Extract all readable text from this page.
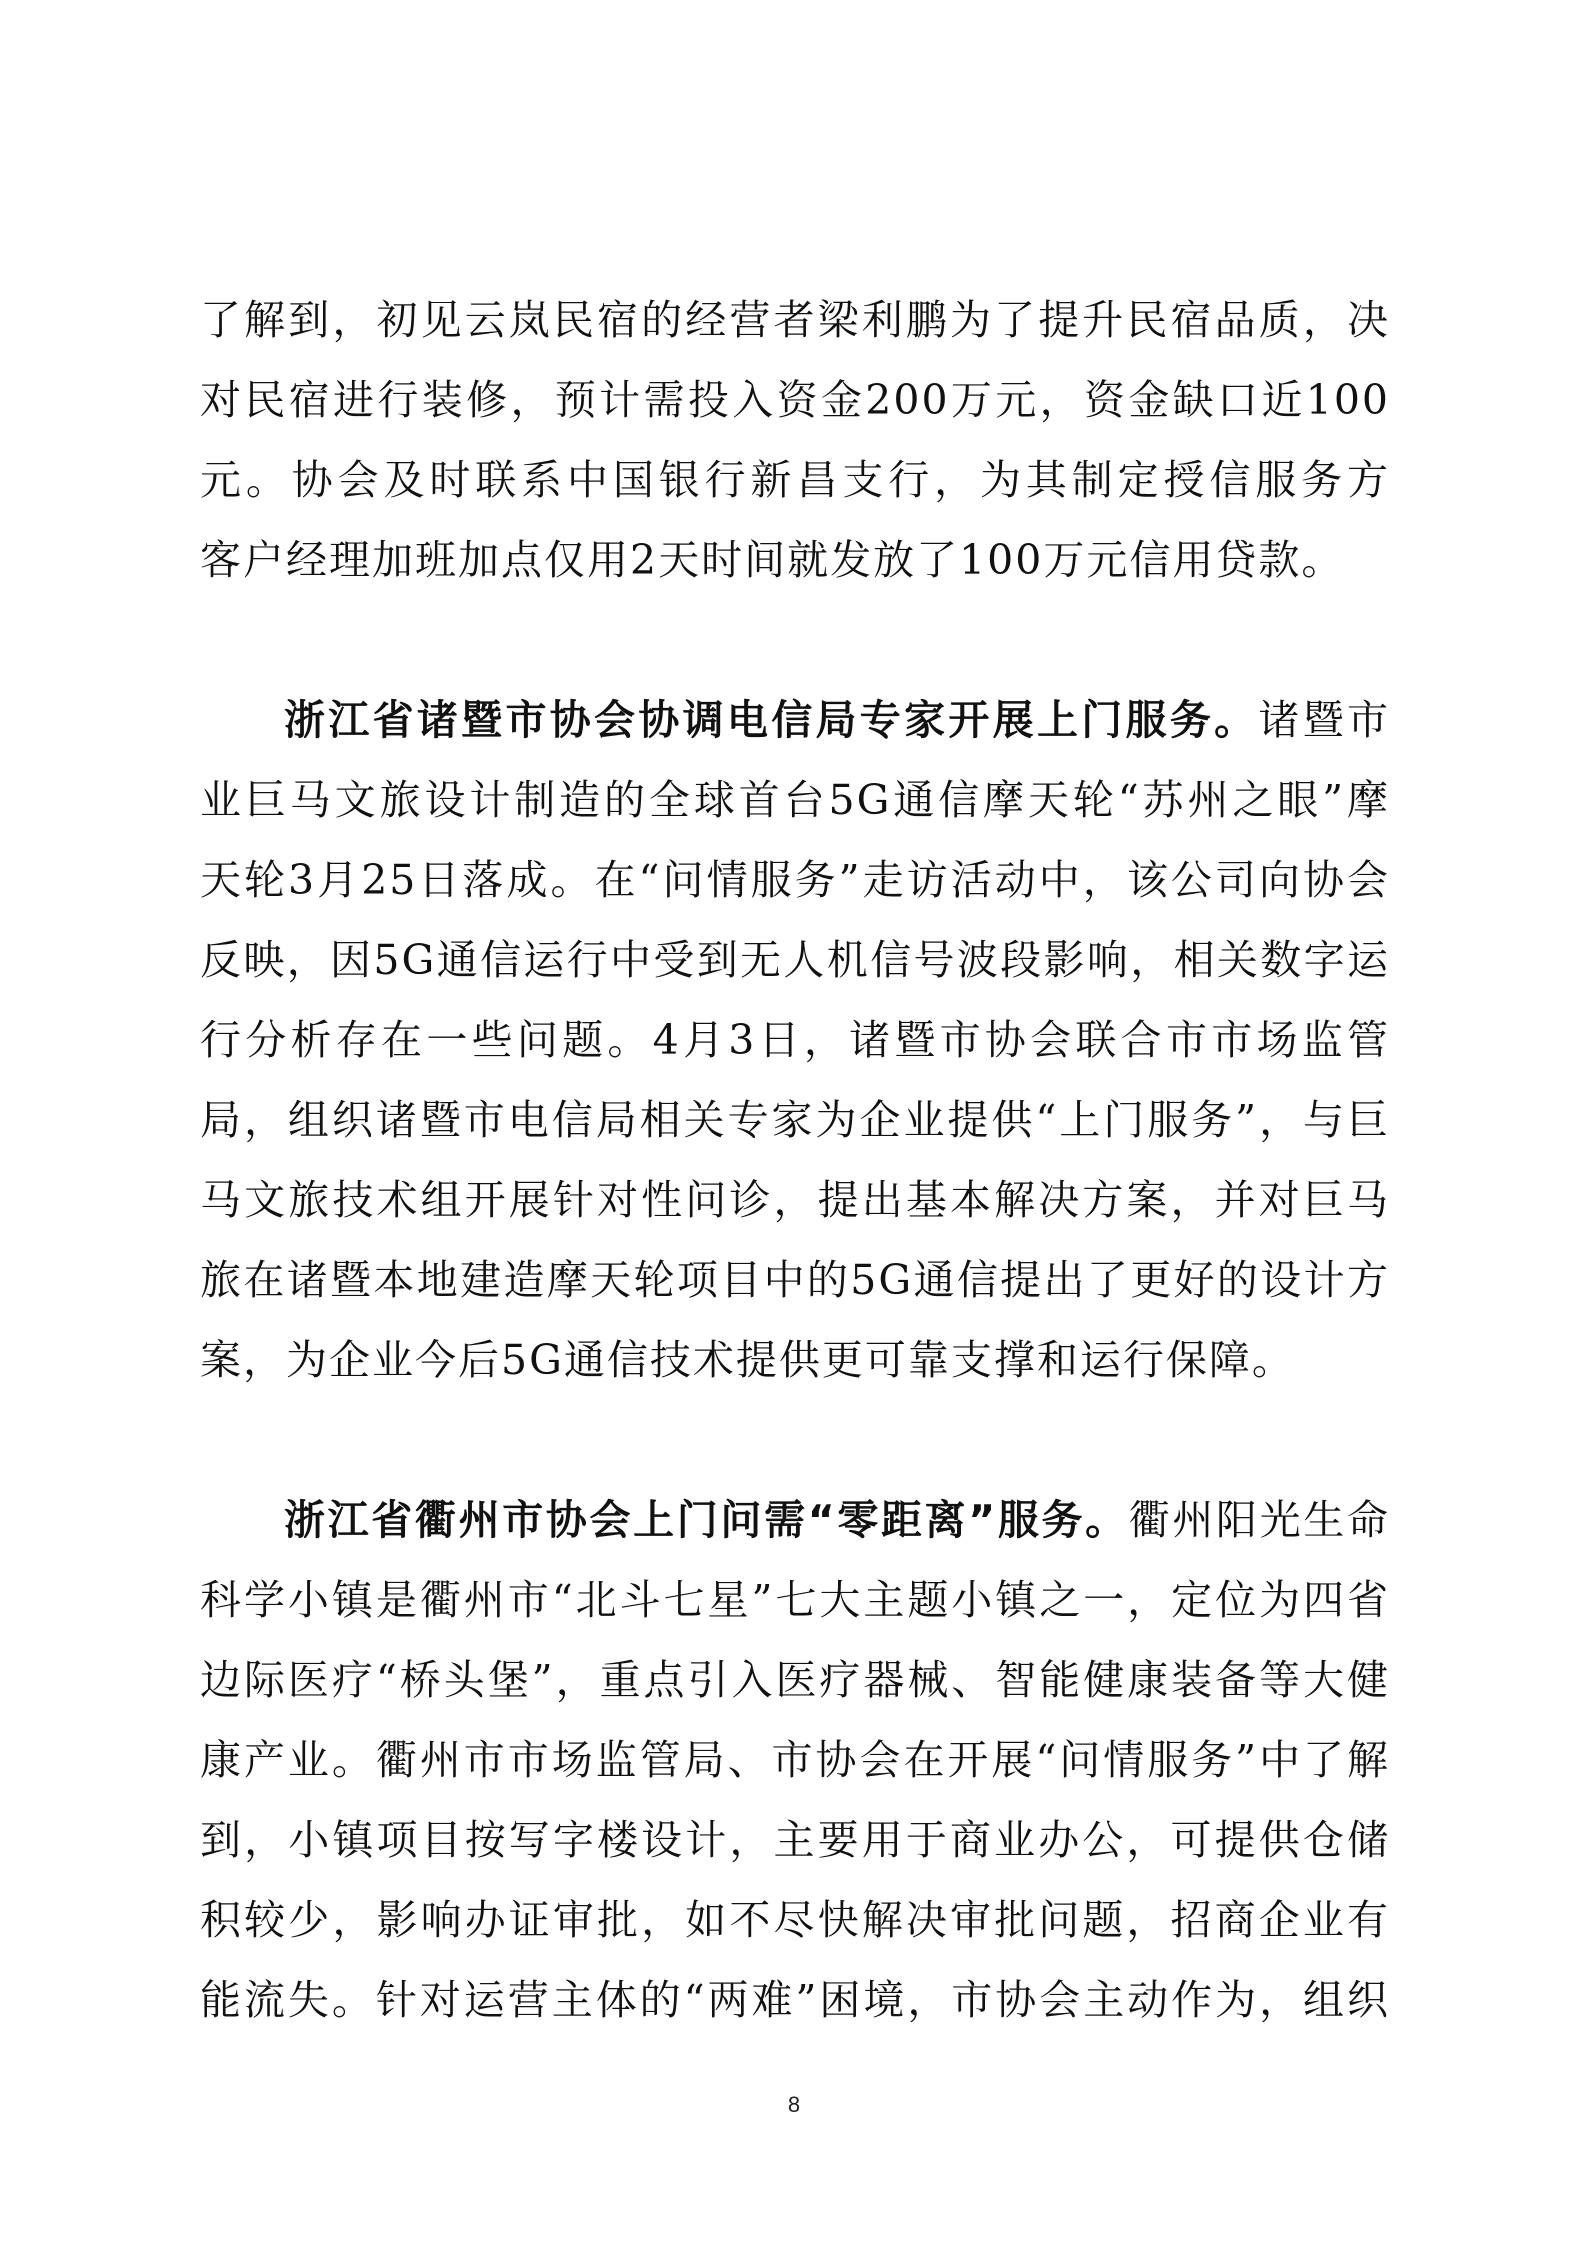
了解到，初见云岚民宿的经营者梁利鹏为了提升民宿品质，决
对民宿进行装修，预计需投入资金200万元，资金缺口近100
元。协会及时联系中国银行新昌支行，为其制定授信服务方
客户经理加班加点仅用2天时间就发放了100万元信用贷款。
浙江省诸暨市协会协调电信局专家开展上门服务。诸暨市
业巨马文旅设计制造的全球首台5G通信摩天轮“苏州之眼”摩
天轮3月25日落成。在“问情服务”走访活动中，该公司向协会
反映，因5G通信运行中受到无人机信号波段影响，相关数字运
行分析存在一些问题。4月3日，诸暨市协会联合市市场监管
局，组织诸暨市电信局相关专家为企业提供“上门服务”，与巨
马文旅技术组开展针对性问诊，提出基本解决方案，并对巨马
旅在诸暨本地建造摩天轮项目中的5G通信提出了更好的设计方
案，为企业今后5G通信技术提供更可靠支撑和运行保障。
浙江省衢州市协会上门问需“零距离”服务。衢州阳光生命
科学小镇是衢州市“北斗七星”七大主题小镇之一，定位为四省
边际医疗“桥头堡”，重点引入医疗器械、智能健康装备等大健
康产业。衢州市市场监管局、市协会在开展“问情服务”中了解
到，小镇项目按写字楼设计，主要用于商业办公，可提供仓储
积较少，影响办证审批，如不尽快解决审批问题，招商企业有
能流失。针对运营主体的“两难”困境，市协会主动作为，组织
8
